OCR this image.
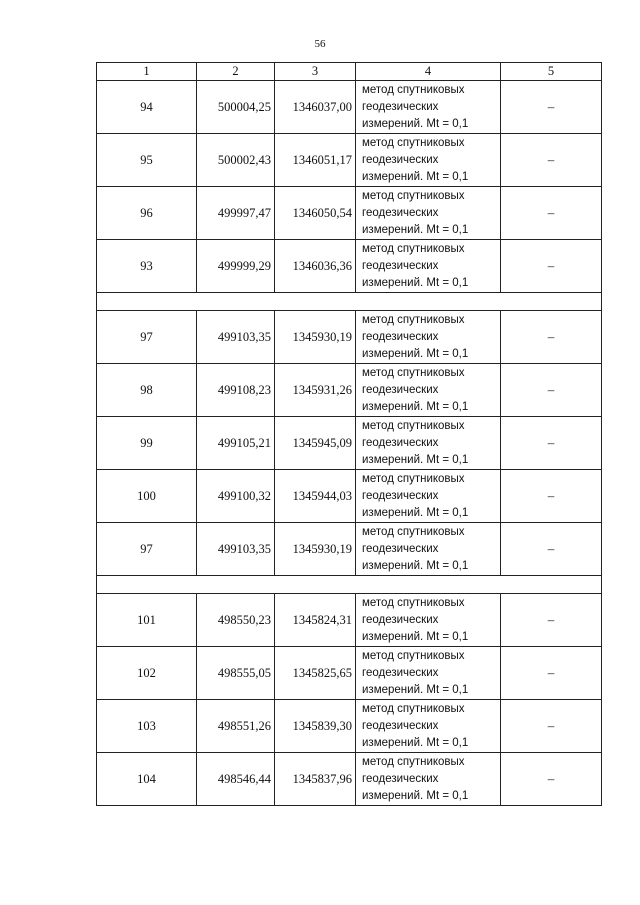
56
1	2	3	4	5
94	500004,25	1346037,00	метод спутниковых
геодезических
измерений. Mt = 0,1	–
95	500002,43	1346051,17	метод спутниковых
геодезических
измерений. Mt = 0,1	–
96	499997,47	1346050,54	метод спутниковых
геодезических
измерений. Mt = 0,1	–
93	499999,29	1346036,36	метод спутниковых
геодезических
измерений. Mt = 0,1	–

97	499103,35	1345930,19	метод спутниковых
геодезических
измерений. Mt = 0,1	–
98	499108,23	1345931,26	метод спутниковых
геодезических
измерений. Mt = 0,1	–
99	499105,21	1345945,09	метод спутниковых
геодезических
измерений. Mt = 0,1	–
100	499100,32	1345944,03	метод спутниковых
геодезических
измерений. Mt = 0,1	–
97	499103,35	1345930,19	метод спутниковых
геодезических
измерений. Mt = 0,1	–

101	498550,23	1345824,31	метод спутниковых
геодезических
измерений. Mt = 0,1	–
102	498555,05	1345825,65	метод спутниковых
геодезических
измерений. Mt = 0,1	–
103	498551,26	1345839,30	метод спутниковых
геодезических
измерений. Mt = 0,1	–
104	498546,44	1345837,96	метод спутниковых
геодезических
измерений. Mt = 0,1	–
